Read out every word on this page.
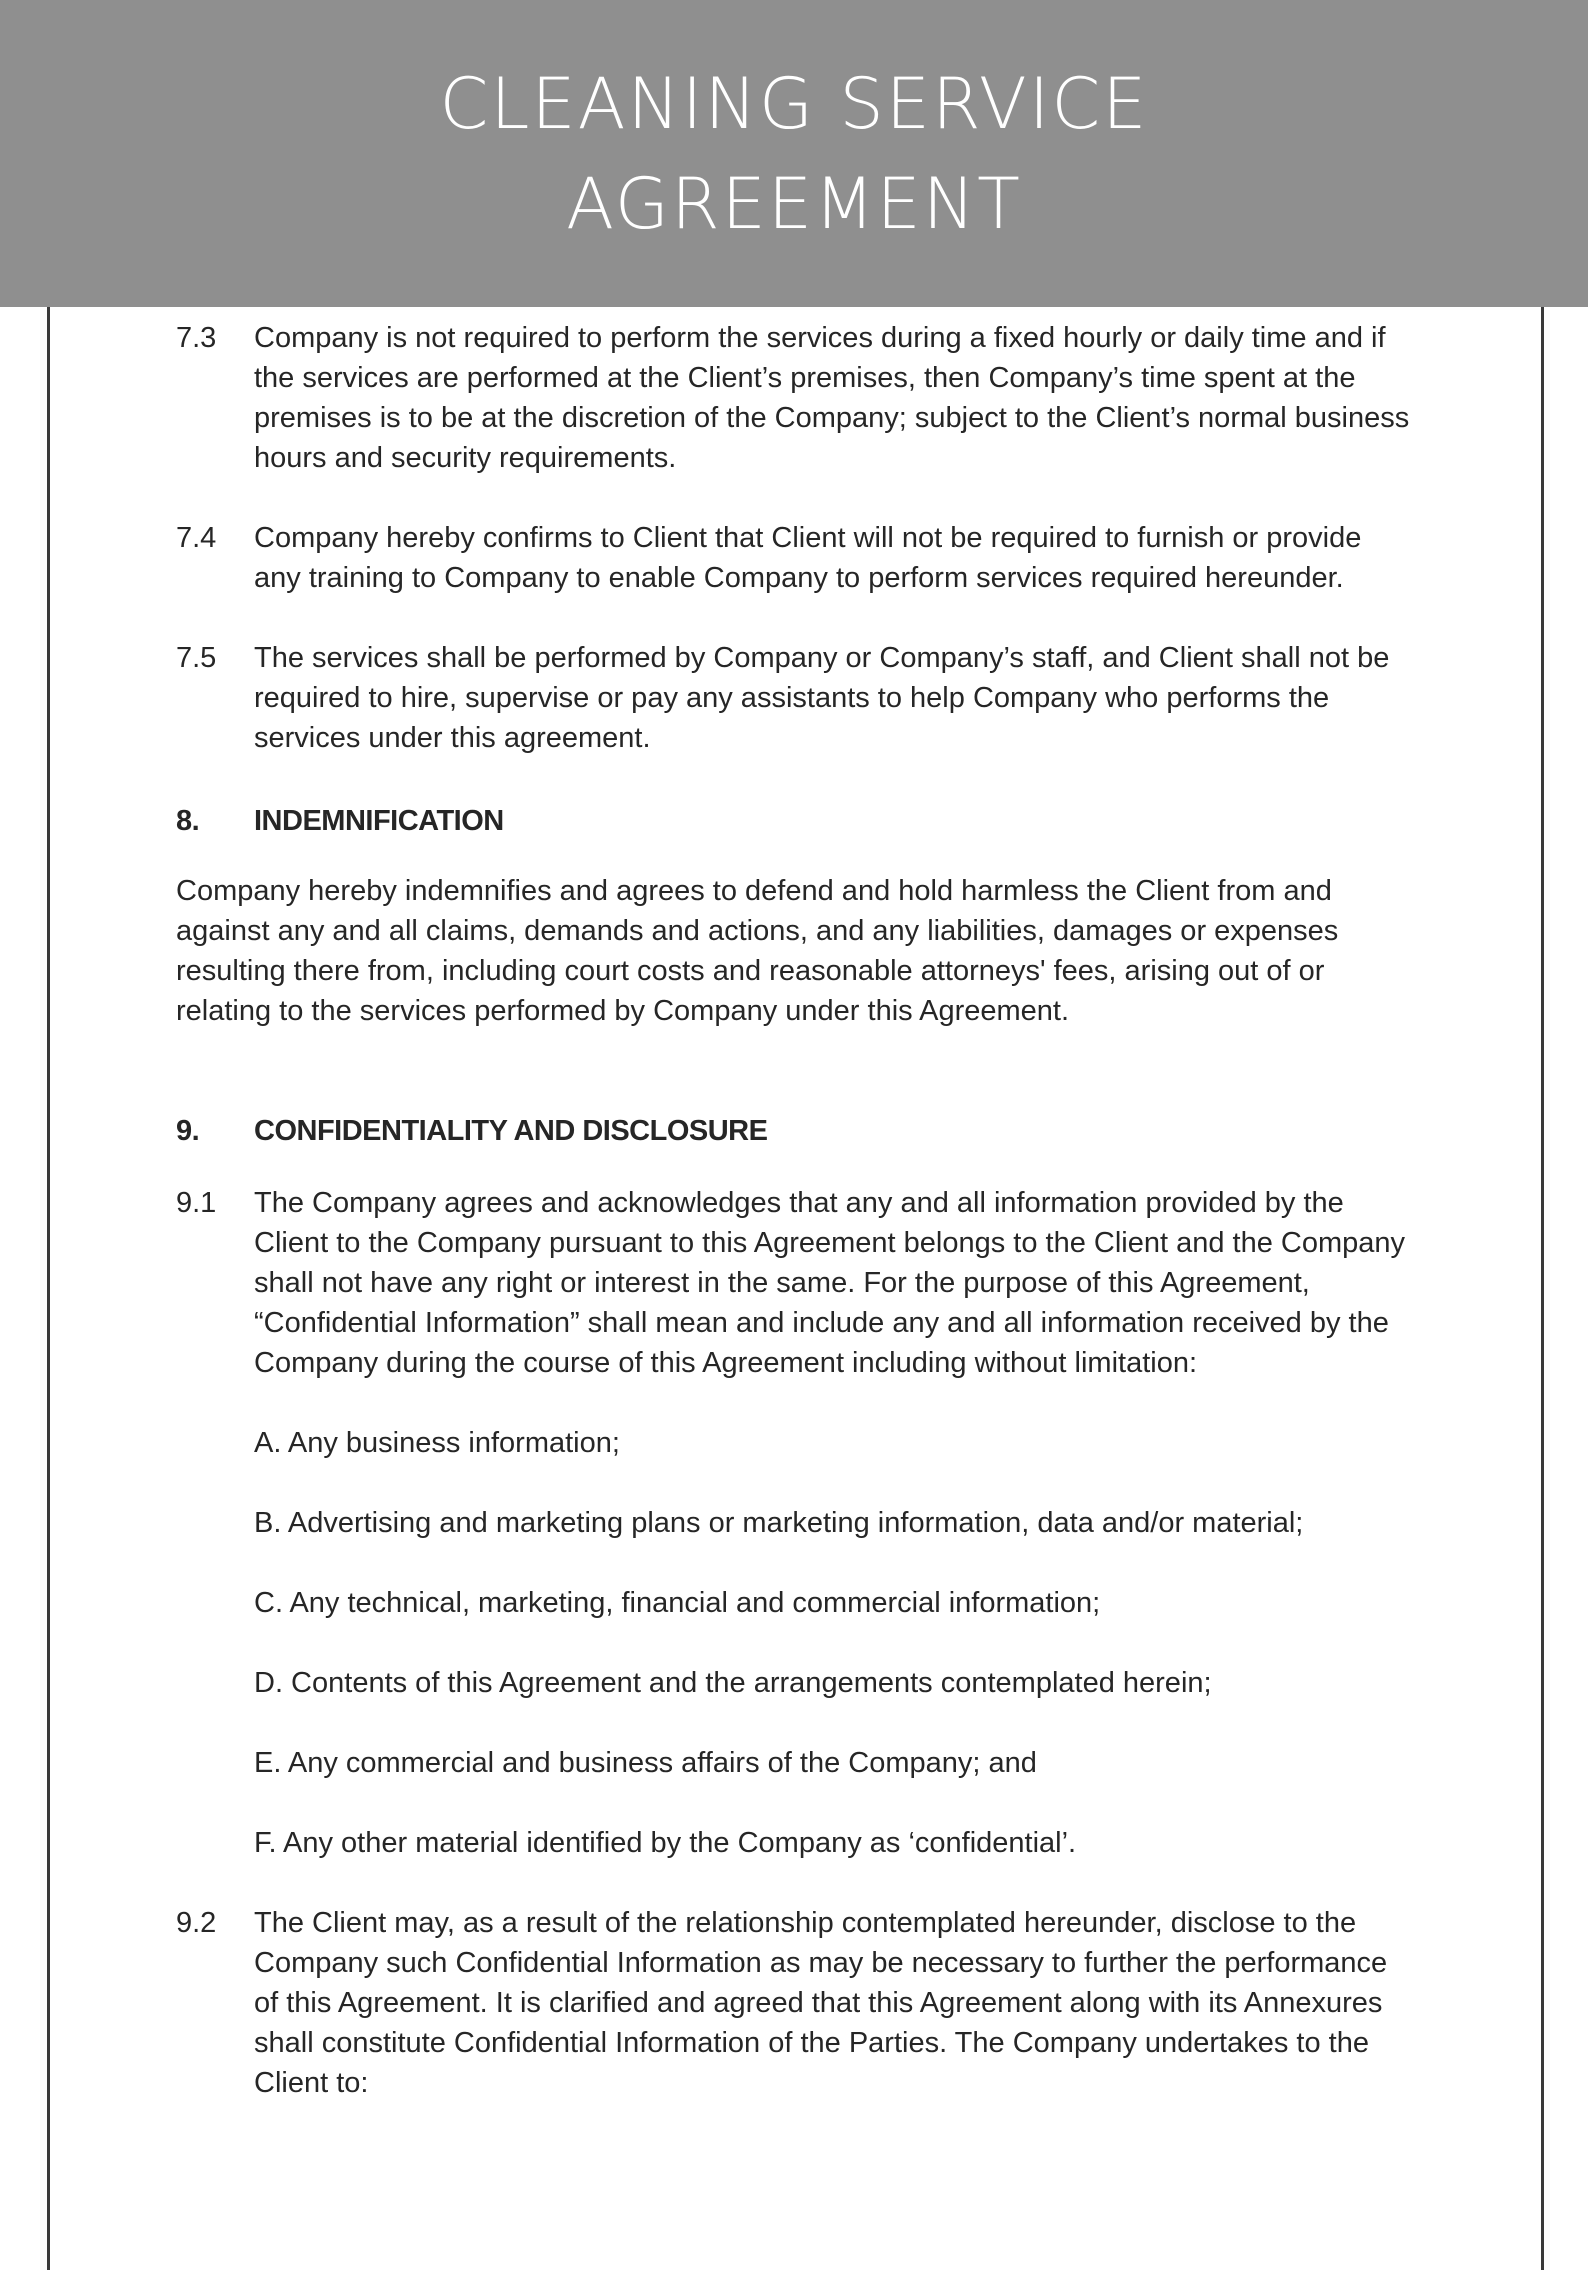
CLEANING SERVICE
AGREEMENT
7.3	Company is not required to perform the services during a fixed hourly or daily time and if the services are performed at the Client’s premises, then Company’s time spent at the premises is to be at the discretion of the Company; subject to the Client’s normal business hours and security requirements.
7.4	Company hereby confirms to Client that Client will not be required to furnish or provide any training to Company to enable Company to perform services required hereunder.
7.5	The services shall be performed by Company or Company’s staff, and Client shall not be required to hire, supervise or pay any assistants to help Company who performs the services under this agreement.
8.	INDEMNIFICATION
Company hereby indemnifies and agrees to defend and hold harmless the Client from and against any and all claims, demands and actions, and any liabilities, damages or expenses resulting there from, including court costs and reasonable attorneys' fees, arising out of or relating to the services performed by Company under this Agreement.
9.	CONFIDENTIALITY AND DISCLOSURE
9.1	The Company agrees and acknowledges that any and all information provided by the Client to the Company pursuant to this Agreement belongs to the Client and the Company shall not have any right or interest in the same. For the purpose of this Agreement, “Confidential Information” shall mean and include any and all information received by the Company during the course of this Agreement including without limitation:
A. Any business information;
B. Advertising and marketing plans or marketing information, data and/or material;
C. Any technical, marketing, financial and commercial information;
D. Contents of this Agreement and the arrangements contemplated herein;
E. Any commercial and business affairs of the Company; and
F. Any other material identified by the Company as ‘confidential’.
9.2	The Client may, as a result of the relationship contemplated hereunder, disclose to the Company such Confidential Information as may be necessary to further the performance of this Agreement. It is clarified and agreed that this Agreement along with its Annexures shall constitute Confidential Information of the Parties. The Company undertakes to the Client to:
